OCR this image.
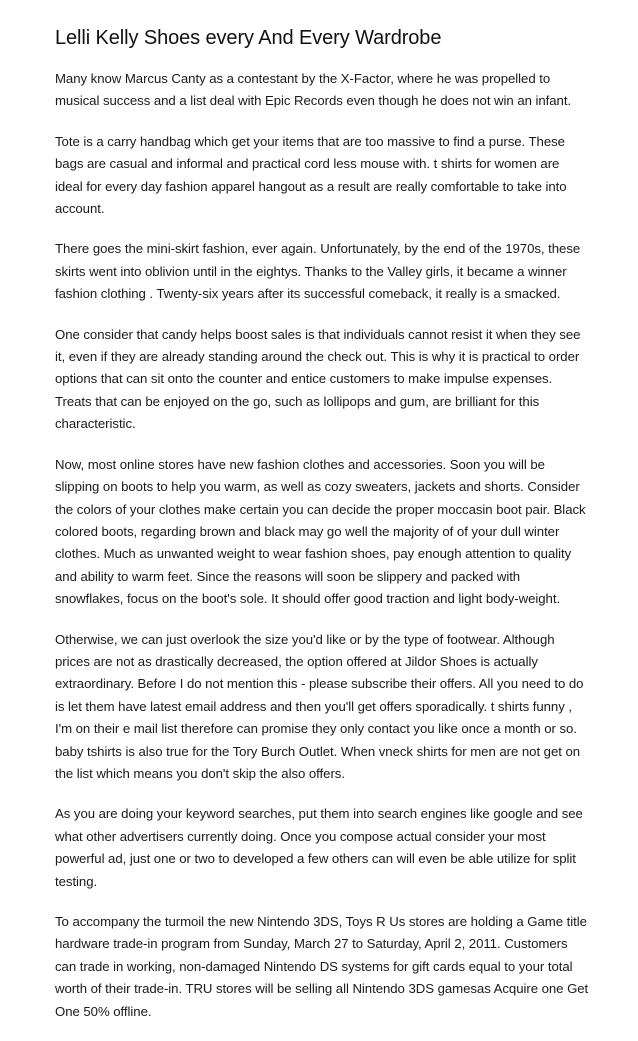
Lelli Kelly Shoes every And Every Wardrobe

Many know Marcus Canty as a contestant by the X-Factor, where he was propelled to musical success and a list deal with Epic Records even though he does not win an infant.

Tote is a carry handbag which get your items that are too massive to find a purse. These bags are casual and informal and practical cord less mouse with. t shirts for women are ideal for every day fashion apparel hangout as a result are really comfortable to take into account.

There goes the mini-skirt fashion, ever again. Unfortunately, by the end of the 1970s, these skirts went into oblivion until in the eightys. Thanks to the Valley girls, it became a winner fashion clothing . Twenty-six years after its successful comeback, it really is a smacked.

One consider that candy helps boost sales is that individuals cannot resist it when they see it, even if they are already standing around the check out. This is why it is practical to order options that can sit onto the counter and entice customers to make impulse expenses. Treats that can be enjoyed on the go, such as lollipops and gum, are brilliant for this characteristic.

Now, most online stores have new fashion clothes and accessories. Soon you will be slipping on boots to help you warm, as well as cozy sweaters, jackets and shorts. Consider the colors of your clothes make certain you can decide the proper moccasin boot pair. Black colored boots, regarding brown and black may go well the majority of of your dull winter clothes. Much as unwanted weight to wear fashion shoes, pay enough attention to quality and ability to warm feet. Since the reasons will soon be slippery and packed with snowflakes, focus on the boot's sole. It should offer good traction and light body-weight.

Otherwise, we can just overlook the size you'd like or by the type of footwear. Although prices are not as drastically decreased, the option offered at Jildor Shoes is actually extraordinary. Before I do not mention this - please subscribe their offers. All you need to do is let them have latest email address and then you'll get offers sporadically. t shirts funny , I'm on their e mail list therefore can promise they only contact you like once a month or so. baby tshirts is also true for the Tory Burch Outlet. When vneck shirts for men are not get on the list which means you don't skip the also offers.

As you are doing your keyword searches, put them into search engines like google and see what other advertisers currently doing. Once you compose actual consider your most powerful ad, just one or two to developed a few others can will even be able utilize for split testing.

To accompany the turmoil the new Nintendo 3DS, Toys R Us stores are holding a Game title hardware trade-in program from Sunday, March 27 to Saturday, April 2, 2011. Customers can trade in working, non-damaged Nintendo DS systems for gift cards equal to your total worth of their trade-in. TRU stores will be selling all Nintendo 3DS gamesas Acquire one Get One 50% offline.
